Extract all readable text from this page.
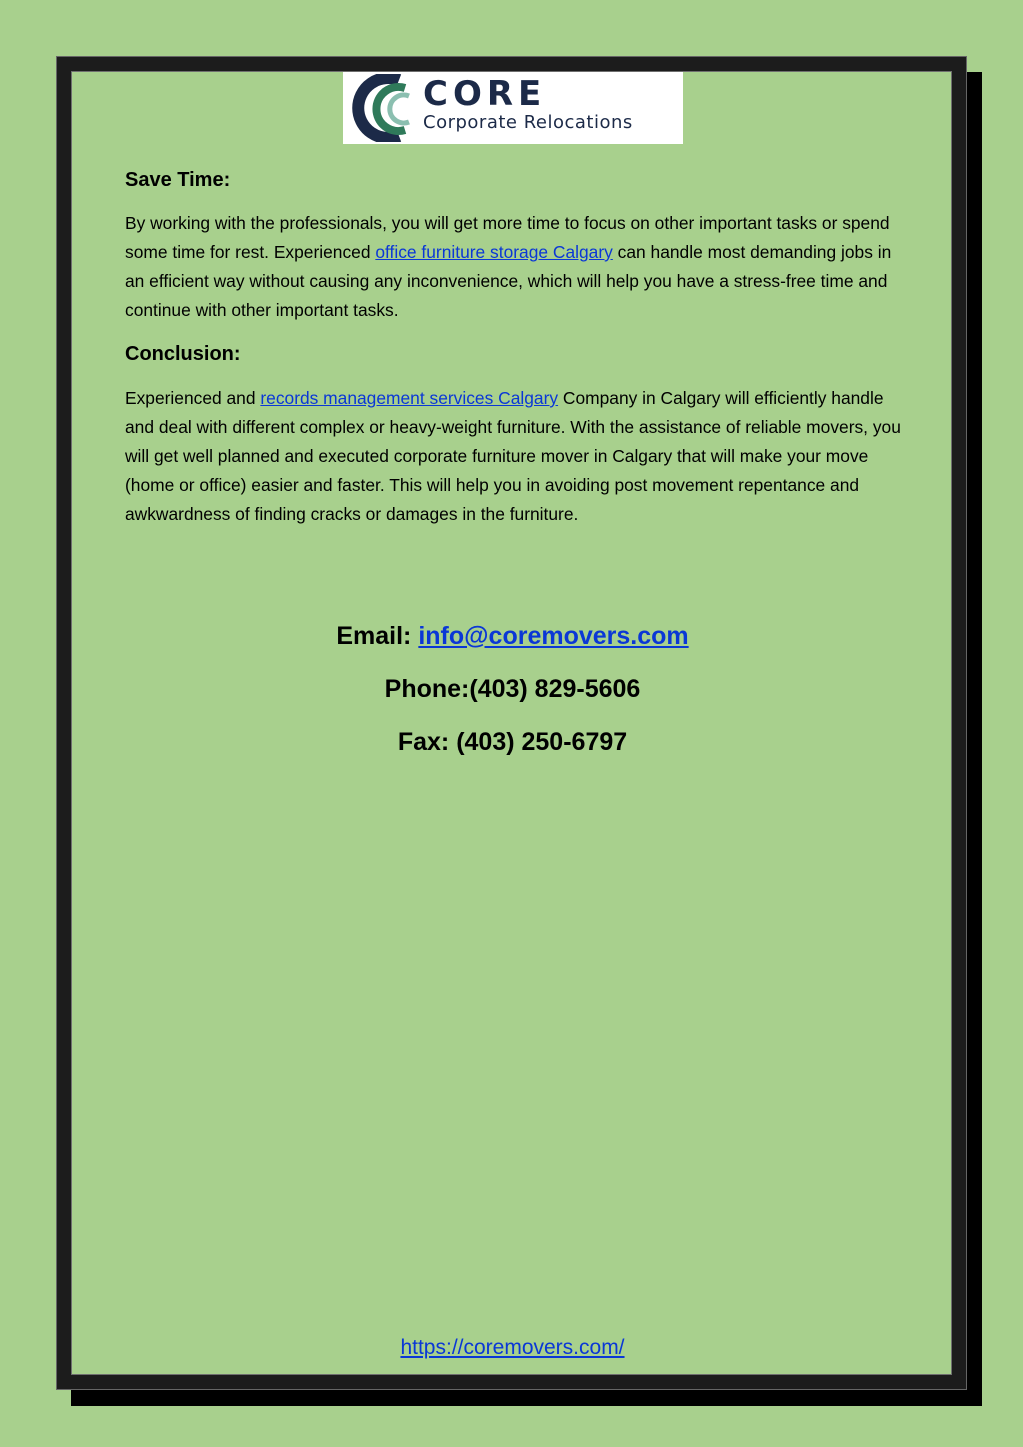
CORE
Corporate Relocations
Save Time:

By working with the professionals, you will get more time to focus on other important tasks or spend some time for rest. Experienced office furniture storage Calgary can handle most demanding jobs in an efficient way without causing any inconvenience, which will help you have a stress-free time and continue with other important tasks.

Conclusion:

Experienced and records management services Calgary Company in Calgary will efficiently handle and deal with different complex or heavy-weight furniture. With the assistance of reliable movers, you will get well planned and executed corporate furniture mover in Calgary that will make your move (home or office) easier and faster. This will help you in avoiding post movement repentance and awkwardness of finding cracks or damages in the furniture.

Email: info@coremovers.com
Phone:(403) 829-5606
Fax: (403) 250-6797
https://coremovers.com/
